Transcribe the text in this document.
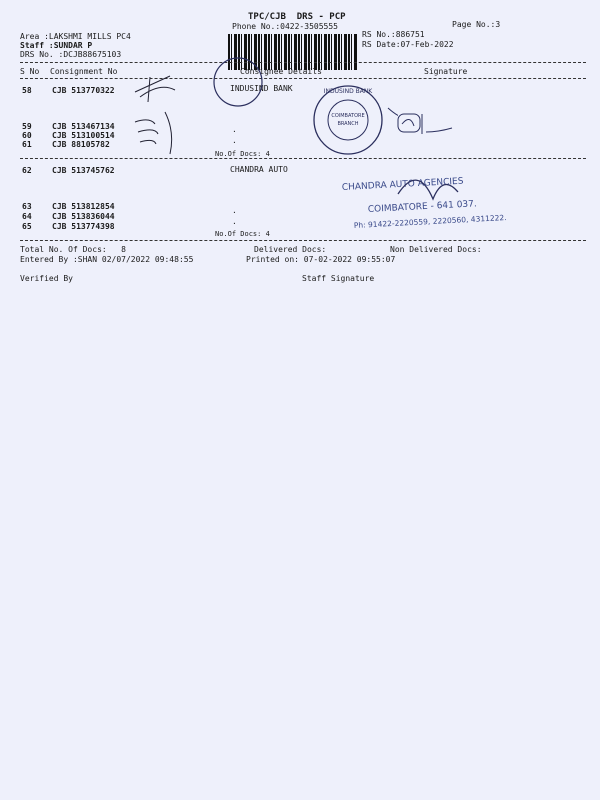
TPC/CJB  DRS - PCP
Phone No.:0422-3505555	Page No.:3
Area :LAKSHMI MILLS PC4
Staff :SUNDAR P
DRS No. :DCJB88675103
RS No.:886751
RS Date:07-Feb-2022
S No Consignment No	Consignee Details	Signature
58	CJB 513770322	INDUSIND BANK
59	CJB 513467134
60	CJB 513100514
61	CJB 88105782
.
.
No.Of Docs: 4
62	CJB 513745762	CHANDRA AUTO
63	CJB 513812854
64	CJB 513836044
65	CJB 513774398
.
.
No.Of Docs: 4
Total No. Of Docs:   8	Delivered Docs:	Non Delivered Docs:
Entered By :SHAN 02/07/2022 09:48:55	Printed on: 07-02-2022 09:55:07
Verified By	Staff Signature
COIMBATORE
BRANCH
INDUSIND BANK
CHANDRA AUTO AGENCIES
COIMBATORE - 641 037.
Ph: 91422-2220559, 2220560, 4311222.
